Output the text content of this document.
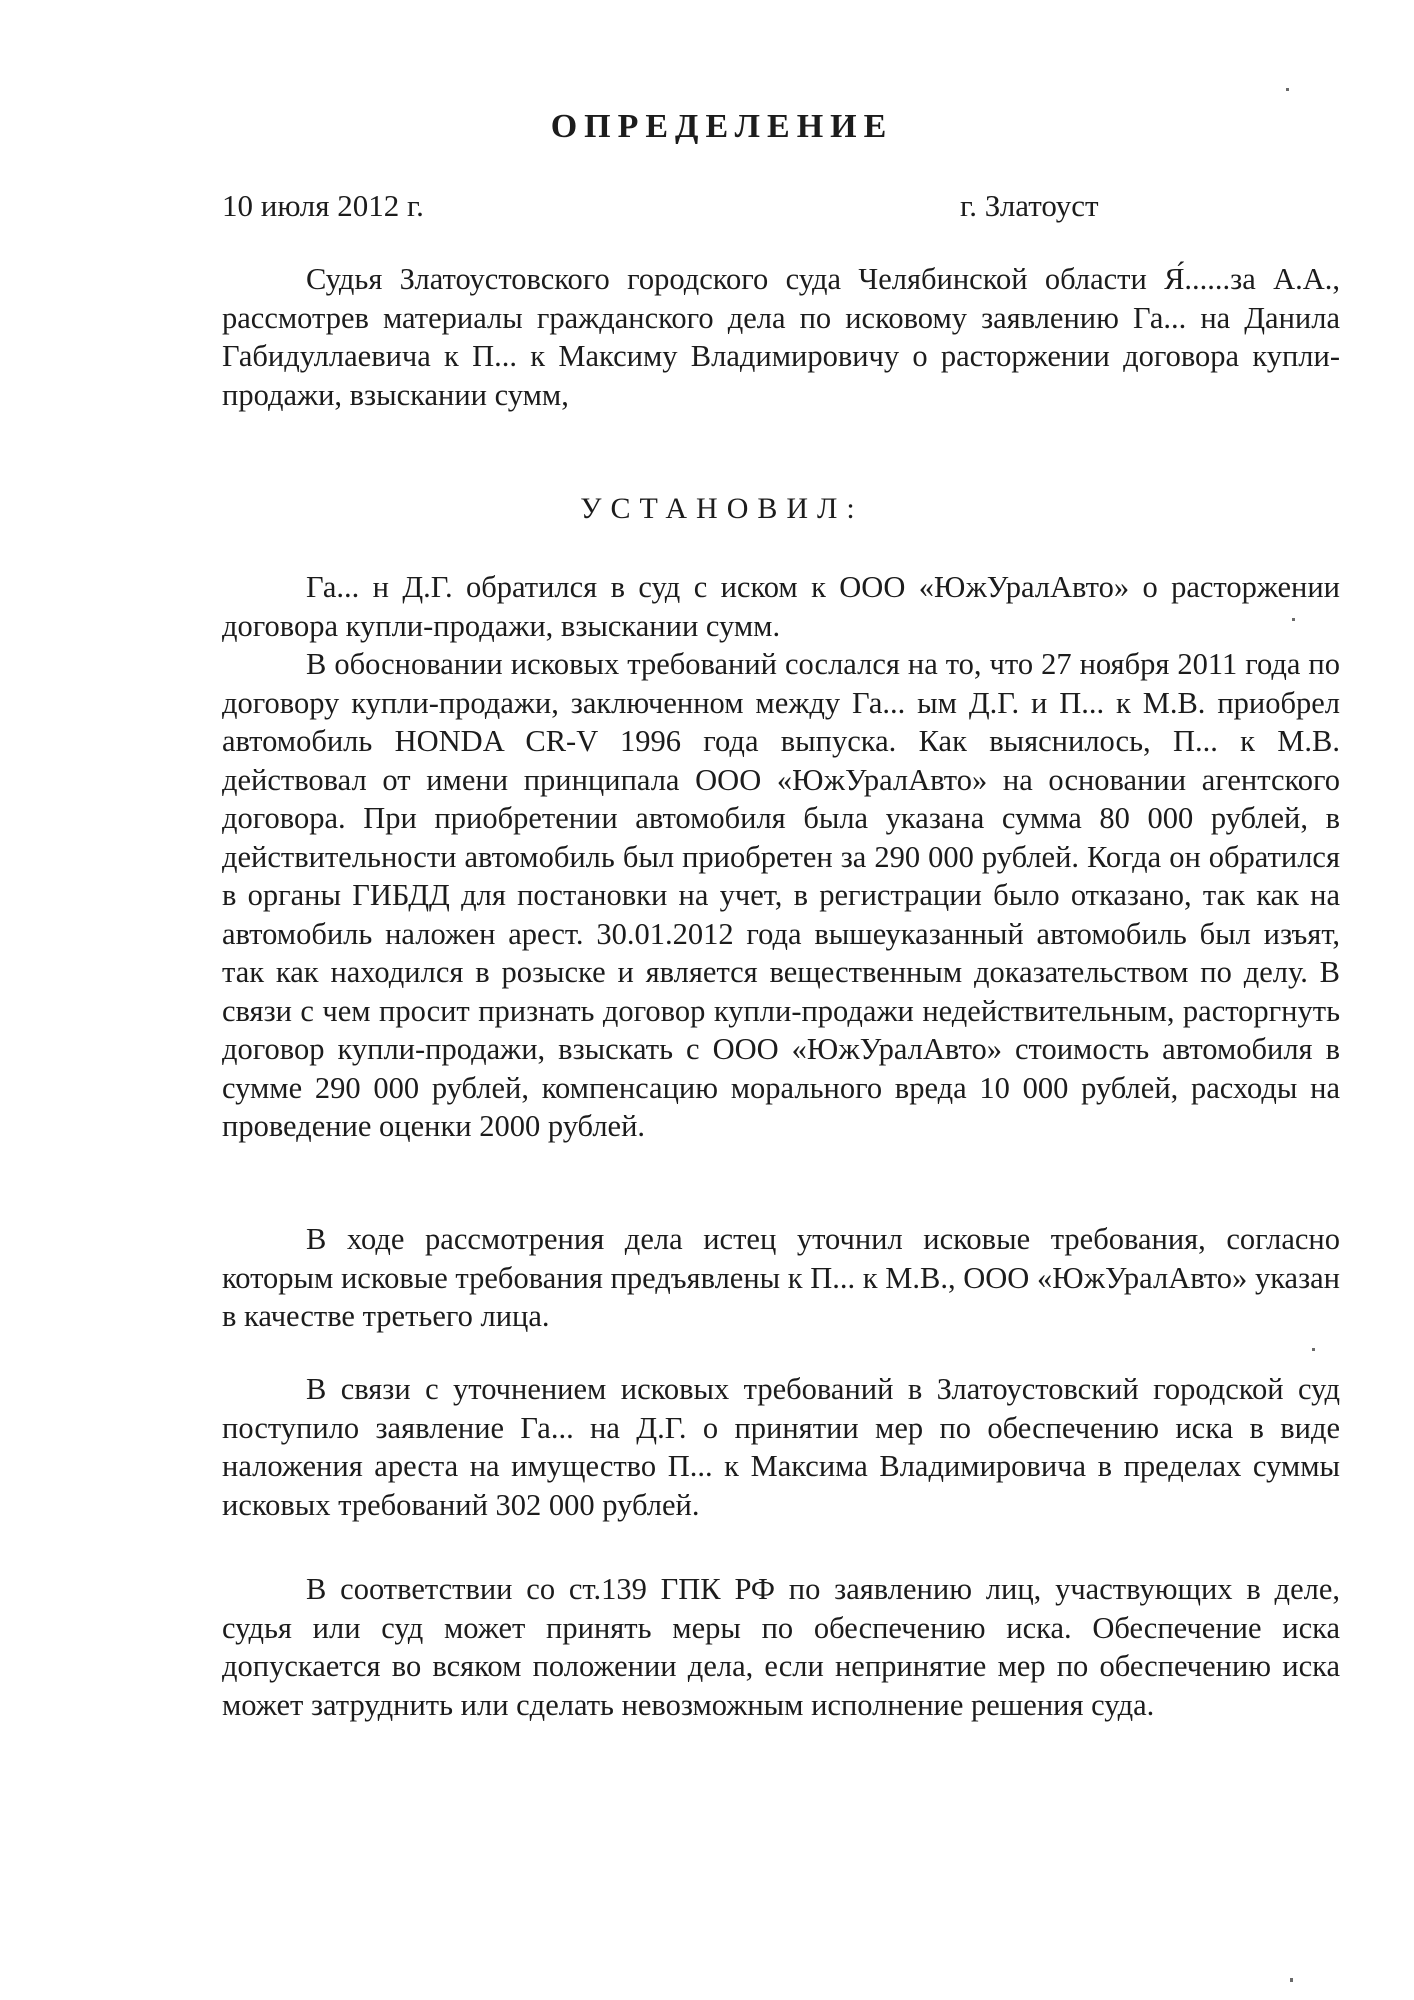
ОПРЕДЕЛЕНИЕ
10 июля 2012 г.	г. Златоуст

Судья Златоустовского городского суда Челябинской области Я́......за А.А., рассмотрев материалы гражданского дела по исковому заявлению Га... на Данила Габидуллаевича к П... к Максиму Владимировичу о расторжении договора купли-продажи, взыскании сумм,

УСТАНОВИЛ:

Га... н Д.Г. обратился в суд с иском к ООО «ЮжУралАвто» о расторжении договора купли-продажи, взыскании сумм.

В обосновании исковых требований сослался на то, что 27 ноября 2011 года по договору купли-продажи, заключенном между Га... ым Д.Г. и П... к М.В. приобрел автомобиль HONDA CR-V 1996 года выпуска. Как выяснилось, П... к М.В. действовал от имени принципала ООО «ЮжУралАвто» на основании агентского договора. При приобретении автомобиля была указана сумма 80 000 рублей, в действительности автомобиль был приобретен за 290 000 рублей. Когда он обратился в органы ГИБДД для постановки на учет, в регистрации было отказано, так как на автомобиль наложен арест. 30.01.2012 года вышеуказанный автомобиль был изъят, так как находился в розыске и является вещественным доказательством по делу. В связи с чем просит признать договор купли-продажи недействительным, расторгнуть договор купли-продажи, взыскать с ООО «ЮжУралАвто» стоимость автомобиля в сумме 290 000 рублей, компенсацию морального вреда 10 000 рублей, расходы на проведение оценки 2000 рублей.

В ходе рассмотрения дела истец уточнил исковые требования, согласно которым исковые требования предъявлены к П... к М.В., ООО «ЮжУралАвто» указан в качестве третьего лица.

В связи с уточнением исковых требований в Златоустовский городской суд поступило заявление Га... на Д.Г. о принятии мер по обеспечению иска в виде наложения ареста на имущество П... к Максима Владимировича в пределах суммы исковых требований 302 000 рублей.

В соответствии со ст.139 ГПК РФ по заявлению лиц, участвующих в деле, судья или суд может принять меры по обеспечению иска. Обеспечение иска допускается во всяком положении дела, если непринятие мер по обеспечению иска может затруднить или сделать невозможным исполнение решения суда.
